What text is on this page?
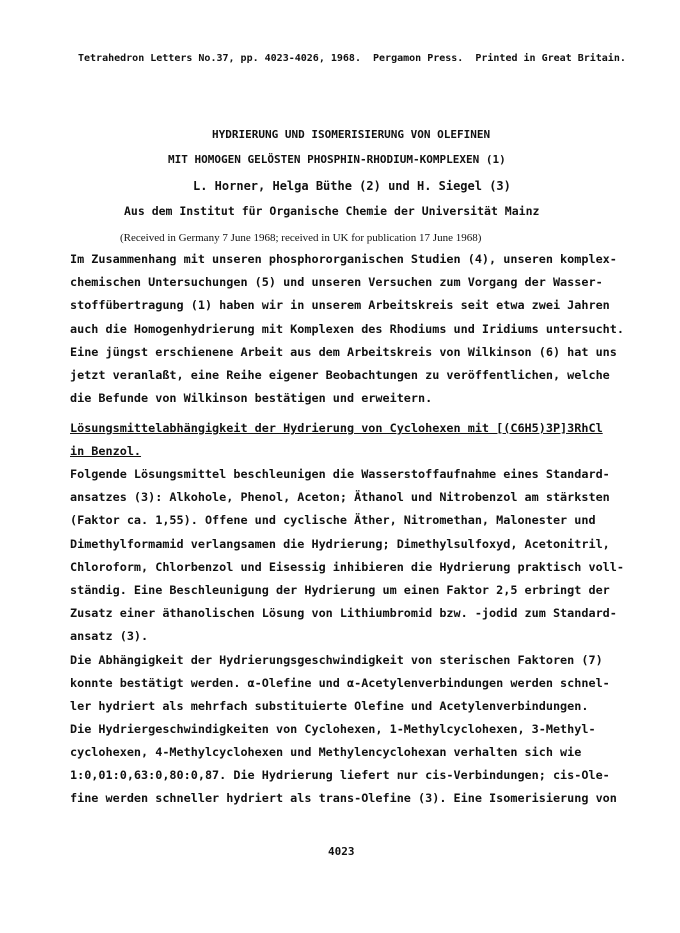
Tetrahedron Letters No.37, pp. 4023-4026, 1968.  Pergamon Press.  Printed in Great Britain.
HYDRIERUNG UND ISOMERISIERUNG VON OLEFINEN
MIT HOMOGEN GELÖSTEN PHOSPHIN-RHODIUM-KOMPLEXEN (1)
L. Horner, Helga Büthe (2) und H. Siegel (3)
Aus dem Institut für Organische Chemie der Universität Mainz
(Received in Germany 7 June 1968; received in UK for publication 17 June 1968)
Im Zusammenhang mit unseren phosphororganischen Studien (4), unseren komplex-
chemischen Untersuchungen (5) und unseren Versuchen zum Vorgang der Wasser-
stoffübertragung (1) haben wir in unserem Arbeitskreis seit etwa zwei Jahren
auch die Homogenhydrierung mit Komplexen des Rhodiums und Iridiums untersucht.
Eine jüngst erschienene Arbeit aus dem Arbeitskreis von Wilkinson (6) hat uns
jetzt veranlaßt, eine Reihe eigener Beobachtungen zu veröffentlichen, welche
die Befunde von Wilkinson bestätigen und erweitern.
Lösungsmittelabhängigkeit der Hydrierung von Cyclohexen mit [(C6H5)3P]3RhCl
in Benzol.
Folgende Lösungsmittel beschleunigen die Wasserstoffaufnahme eines Standard-
ansatzes (3): Alkohole, Phenol, Aceton; Äthanol und Nitrobenzol am stärksten
(Faktor ca. 1,55). Offene und cyclische Äther, Nitromethan, Malonester und
Dimethylformamid verlangsamen die Hydrierung; Dimethylsulfoxyd, Acetonitril,
Chloroform, Chlorbenzol und Eisessig inhibieren die Hydrierung praktisch voll-
ständig. Eine Beschleunigung der Hydrierung um einen Faktor 2,5 erbringt der
Zusatz einer äthanolischen Lösung von Lithiumbromid bzw. -jodid zum Standard-
ansatz (3).
Die Abhängigkeit der Hydrierungsgeschwindigkeit von sterischen Faktoren (7)
konnte bestätigt werden. α-Olefine und α-Acetylenverbindungen werden schnel-
ler hydriert als mehrfach substituierte Olefine und Acetylenverbindungen.
Die Hydriergeschwindigkeiten von Cyclohexen, 1-Methylcyclohexen, 3-Methyl-
cyclohexen, 4-Methylcyclohexen und Methylencyclohexan verhalten sich wie
1:0,01:0,63:0,80:0,87. Die Hydrierung liefert nur cis-Verbindungen; cis-Ole-
fine werden schneller hydriert als trans-Olefine (3). Eine Isomerisierung von
4023
